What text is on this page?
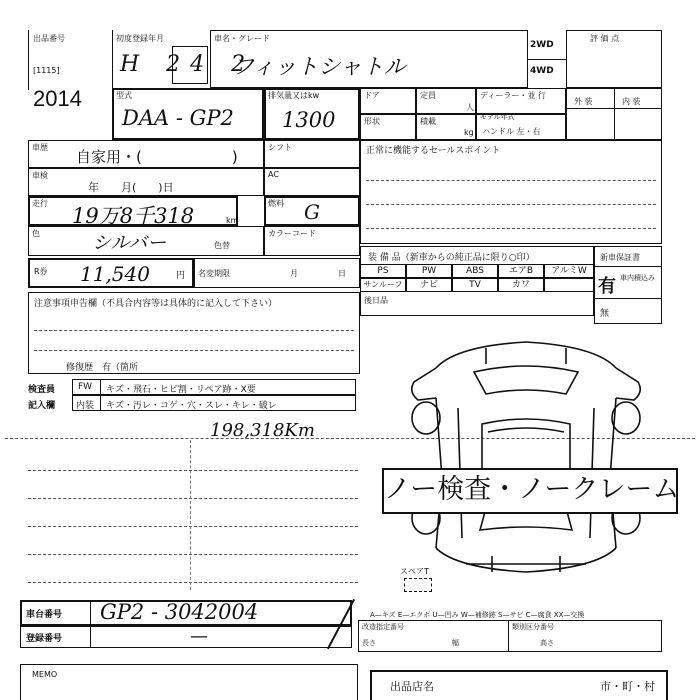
出品番号
[1115]
2014
初度登録年月
H 24 2
車名・グレード
フィットシャトル
2WD
4WD
評 価 点
型式
DAA - GP2
排気量又はkw
1300
ドア	定員
人
ディーラー・並 行
形状	積載
kg
モデル年式
ハンドル 左・右
外 装	内 装
車歴
自家用・(　　　　　　)
シフト
車検
年　　月(　　)日
AC
走行
19万8千318	km
燃料 G
色	シルバー	色替
カラーコード
R券 11,540	円 名変期限	月	日
正常に機能するセールスポイント
装 備 品（新車からの純正品に限り○印）
PS	PW	ABS	エアB	アルミW
サンルーフ	ナビ	TV	カワ
後日品
新車保証書
有 車内積込み
無
注意事項申告欄（不具合内容等は具体的に記入して下さい）
修復歴　有（箇所
検査員
記入欄
FW キズ・飛石・ヒビ割・リペア跡・X要
内装 キズ・汚レ・コゲ・穴・スレ・キレ・破レ
198,318Km
ノー検査・ノークレーム
スペアT
車台番号 GP2 - 3042004
登録番号	—
A—キズ E—エクボ U—凹み W—補修跡 S—サビ C—腐食 XX—交換
改造指定番号	類別区分番号
長さ	幅	高さ
MEMO
出品店名	市・町・村
